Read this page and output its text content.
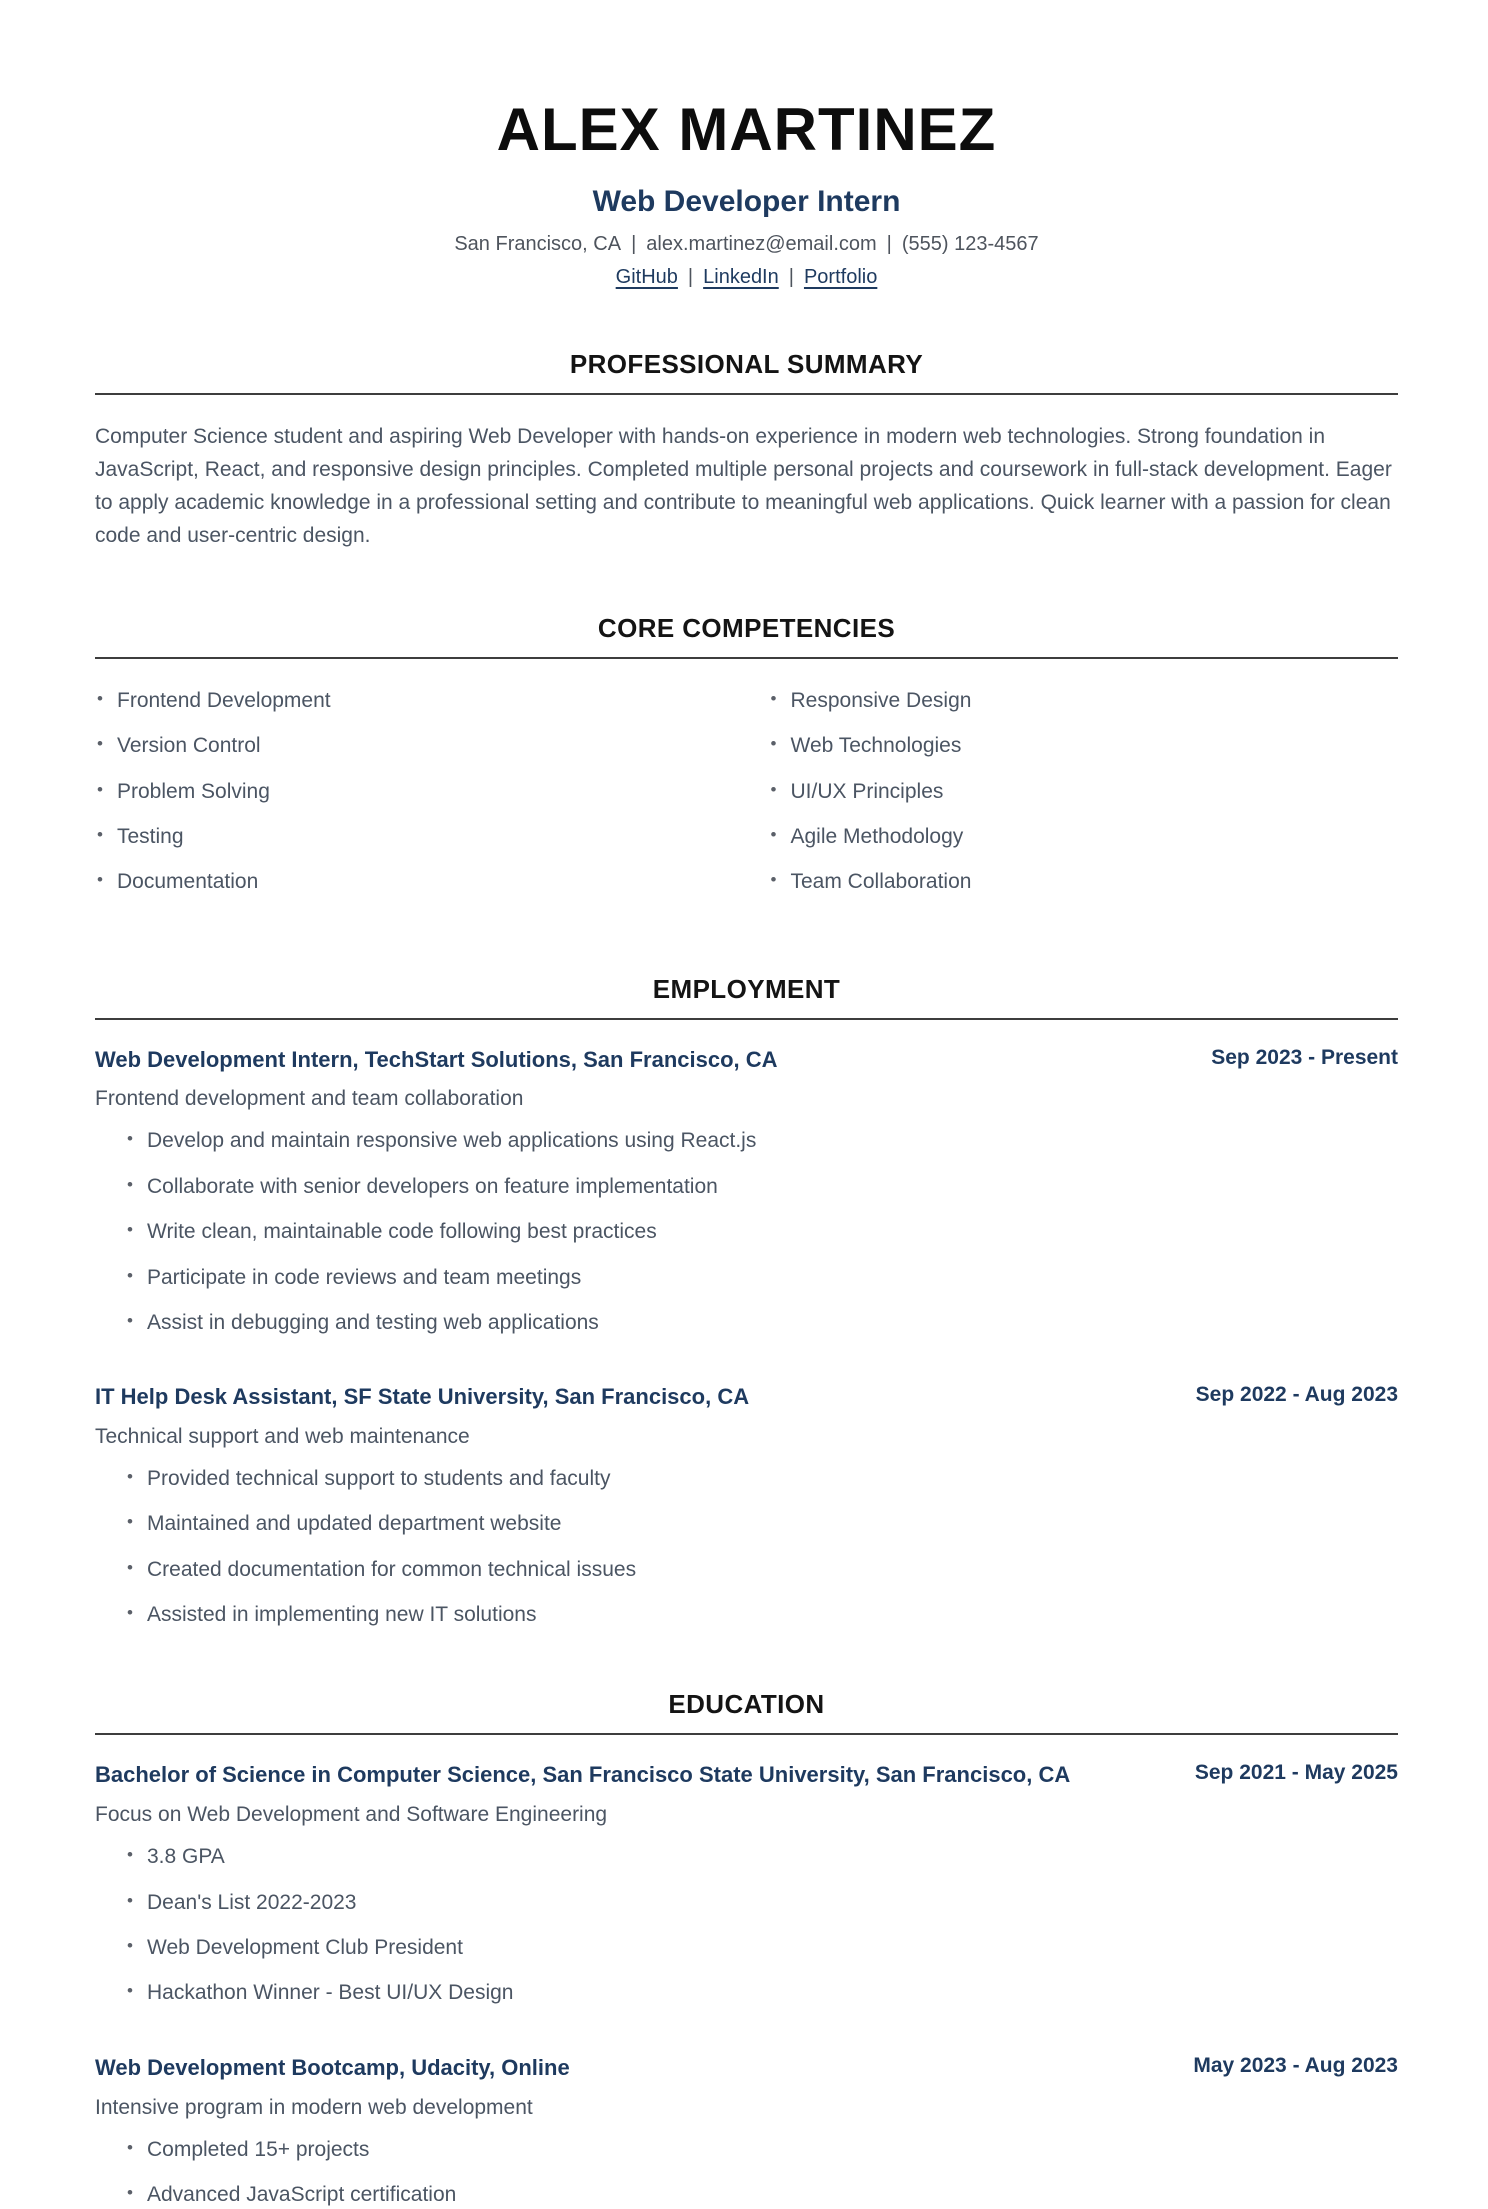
ALEX MARTINEZ
Web Developer Intern

San Francisco, CA | alex.martinez@email.com | (555) 123-4567

GitHub | LinkedIn | Portfolio

PROFESSIONAL SUMMARY

Computer Science student and aspiring Web Developer with hands-on experience in modern web technologies. Strong foundation in JavaScript, React, and responsive design principles. Completed multiple personal projects and coursework in full-stack development. Eager to apply academic knowledge in a professional setting and contribute to meaningful web applications. Quick learner with a passion for clean code and user-centric design.

CORE COMPETENCIES
• Frontend Development
• Version Control
• Problem Solving
• Testing
• Documentation
• Responsive Design
• Web Technologies
• UI/UX Principles
• Agile Methodology
• Team Collaboration
EMPLOYMENT
Web Development Intern, TechStart Solutions, San Francisco, CA	Sep 2023 - Present

Frontend development and team collaboration

• Develop and maintain responsive web applications using React.js
• Collaborate with senior developers on feature implementation
• Write clean, maintainable code following best practices
• Participate in code reviews and team meetings
• Assist in debugging and testing web applications
IT Help Desk Assistant, SF State University, San Francisco, CA	Sep 2022 - Aug 2023

Technical support and web maintenance

• Provided technical support to students and faculty
• Maintained and updated department website
• Created documentation for common technical issues
• Assisted in implementing new IT solutions
EDUCATION
Bachelor of Science in Computer Science, San Francisco State University, San Francisco, CA	Sep 2021 - May 2025

Focus on Web Development and Software Engineering

• 3.8 GPA
• Dean's List 2022-2023
• Web Development Club President
• Hackathon Winner - Best UI/UX Design
Web Development Bootcamp, Udacity, Online	May 2023 - Aug 2023

Intensive program in modern web development

• Completed 15+ projects
• Advanced JavaScript certification
